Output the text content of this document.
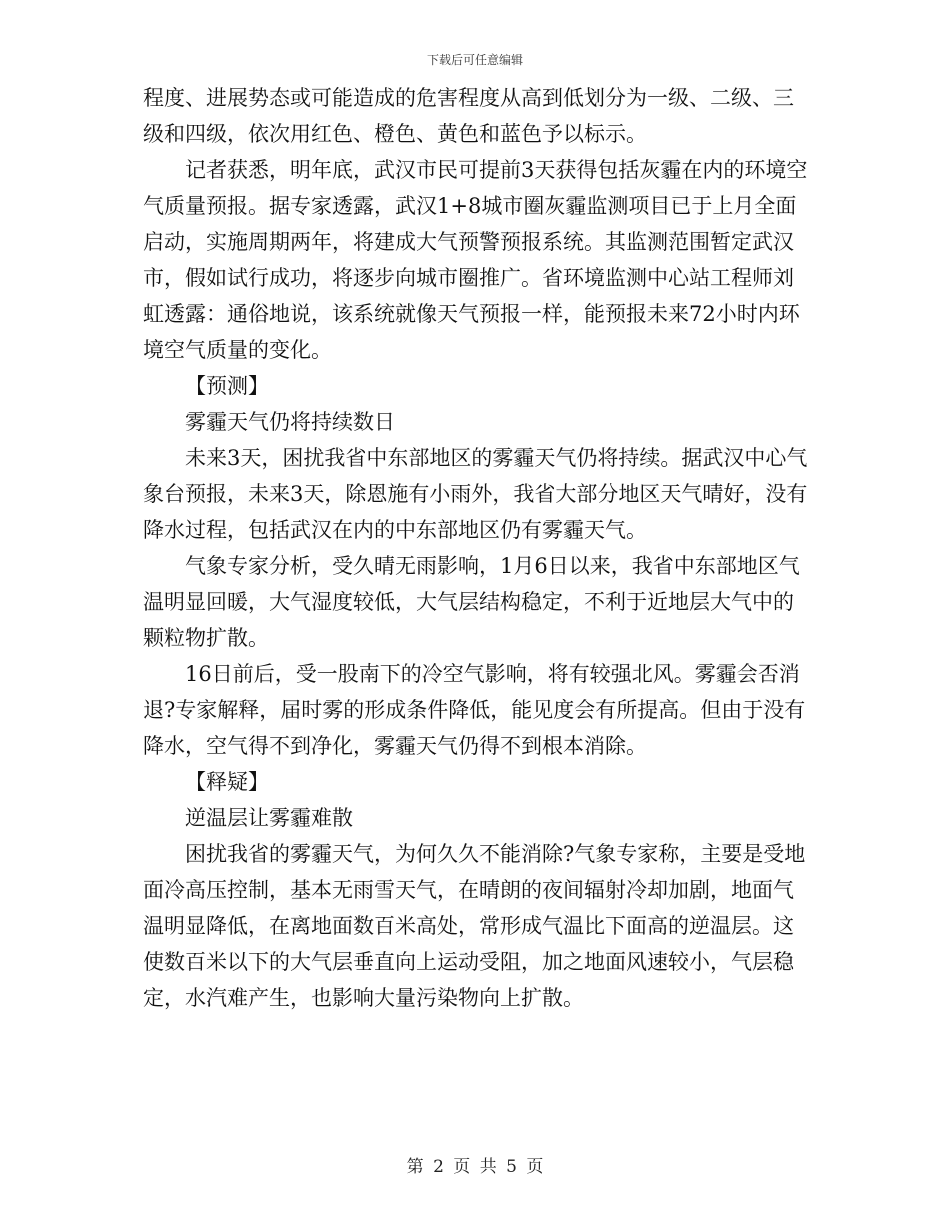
下载后可任意编辑

程度、进展势态或可能造成的危害程度从高到低划分为一级、二级、三级和四级，依次用红色、橙色、黄色和蓝色予以标示。

记者获悉，明年底，武汉市民可提前3天获得包括灰霾在内的环境空气质量预报。据专家透露，武汉1+8城市圈灰霾监测项目已于上月全面启动，实施周期两年，将建成大气预警预报系统。其监测范围暂定武汉市，假如试行成功，将逐步向城市圈推广。省环境监测中心站工程师刘虹透露：通俗地说，该系统就像天气预报一样，能预报未来72小时内环境空气质量的变化。

【预测】

雾霾天气仍将持续数日

未来3天，困扰我省中东部地区的雾霾天气仍将持续。据武汉中心气象台预报，未来3天，除恩施有小雨外，我省大部分地区天气晴好，没有降水过程，包括武汉在内的中东部地区仍有雾霾天气。

气象专家分析，受久晴无雨影响，1月6日以来，我省中东部地区气温明显回暖，大气湿度较低，大气层结构稳定，不利于近地层大气中的颗粒物扩散。

16日前后，受一股南下的冷空气影响，将有较强北风。雾霾会否消退?专家解释，届时雾的形成条件降低，能见度会有所提高。但由于没有降水，空气得不到净化，雾霾天气仍得不到根本消除。

【释疑】

逆温层让雾霾难散

困扰我省的雾霾天气，为何久久不能消除?气象专家称，主要是受地面冷高压控制，基本无雨雪天气，在晴朗的夜间辐射冷却加剧，地面气温明显降低，在离地面数百米高处，常形成气温比下面高的逆温层。这使数百米以下的大气层垂直向上运动受阻，加之地面风速较小，气层稳定，水汽难产生，也影响大量污染物向上扩散。

第 2 页 共 5 页
